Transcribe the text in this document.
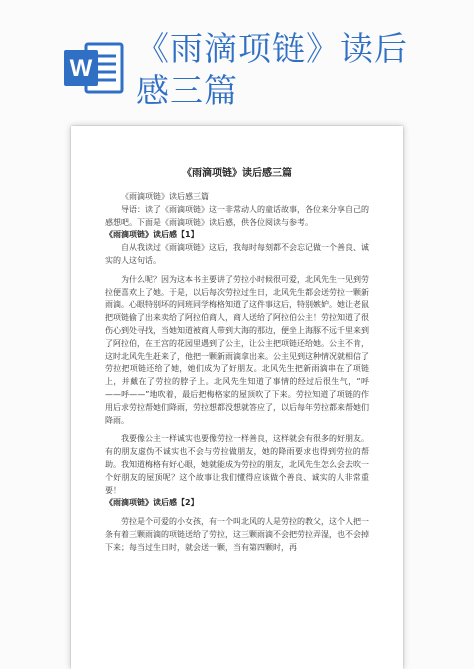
W
《雨滴项链》读后
感三篇
《雨滴项链》读后感三篇

《雨滴项链》读后感三篇

导语：读了《雨滴项链》这一非常动人的童话故事，各位来分享自己的感想吧。下面是《雨滴项链》读后感，供各位阅读与参考。

《雨滴项链》读后感【1】

自从我读过《雨滴项链》这后，我每时每刻都不会忘记做一个善良、诚实的人这句话。

为什么呢？因为这本书主要讲了劳拉小时候很可爱，北风先生一见到劳拉便喜欢上了她。于是，以后每次劳拉过生日，北风先生都会送劳拉一颗新雨滴。心眼特别坏的同班同学梅格知道了这件事这后，特别嫉妒。她让老鼠把项链偷了出来卖给了阿拉伯商人，商人送给了阿拉伯公主！劳拉知道了很伤心到处寻找，当她知道被商人带到大海的那边，便坐上海豚不远千里来到了阿拉伯，在王宫的花园里遇到了公主，让公主把项链还给她。公主不肯，这时北风先生赶来了，他把一颗新雨滴拿出来。公主见到这种情况就相信了劳拉把项链还给了她，她们成为了好朋友。北风先生把新雨滴串在了项链上，并戴在了劳拉的脖子上。北风先生知道了事情的经过后很生气，“呼——呼——”地吹着，最后把梅格家的屋顶吹了下来。劳拉知道了项链的作用后求劳拉帮她们降雨，劳拉想都没想就答应了，以后每年劳拉都来帮她们降雨。

我要像公主一样诚实也要像劳拉一样善良，这样就会有很多的好朋友。有的朋友虚伪不诚实也不会与劳拉做朋友，她的降雨要求也得到劳拉的帮助。我知道梅格有好心眼，她就能成为劳拉的朋友，北风先生怎么会去吹一个好朋友的屋顶呢？这个故事让我们懂得应该做个善良、诚实的人非常重要！

《雨滴项链》读后感【2】

劳拉是个可爱的小女孩，有一个叫北风的人是劳拉的教父，这个人把一条有着三颗雨滴的项链送给了劳拉，这三颗雨滴不会把劳拉弄湿，也不会掉下来；每当过生日时，就会送一颗，当有第四颗时，再
